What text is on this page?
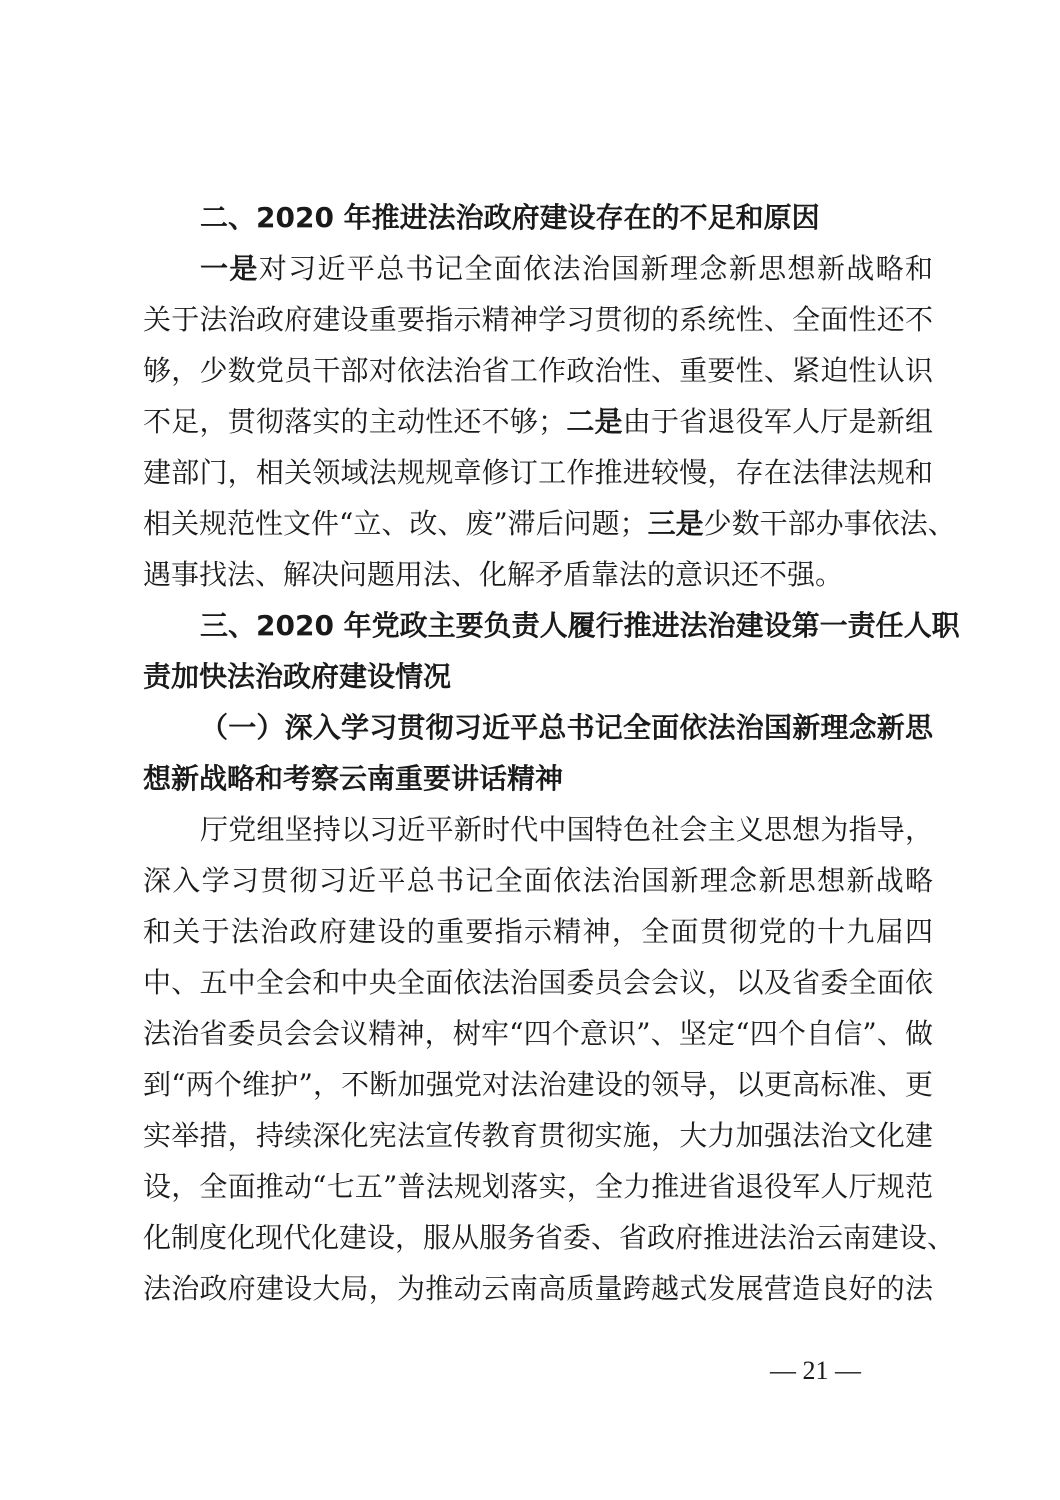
二、2020 年推进法治政府建设存在的不足和原因
一是对习近平总书记全面依法治国新理念新思想新战略和
关于法治政府建设重要指示精神学习贯彻的系统性、全面性还不
够，少数党员干部对依法治省工作政治性、重要性、紧迫性认识
不足，贯彻落实的主动性还不够；二是由于省退役军人厅是新组
建部门，相关领域法规规章修订工作推进较慢，存在法律法规和
相关规范性文件“立、改、废”滞后问题；三是少数干部办事依法、
遇事找法、解决问题用法、化解矛盾靠法的意识还不强。
三、2020 年党政主要负责人履行推进法治建设第一责任人职
责加快法治政府建设情况
（一）深入学习贯彻习近平总书记全面依法治国新理念新思
想新战略和考察云南重要讲话精神
厅党组坚持以习近平新时代中国特色社会主义思想为指导，
深入学习贯彻习近平总书记全面依法治国新理念新思想新战略
和关于法治政府建设的重要指示精神，全面贯彻党的十九届四
中、五中全会和中央全面依法治国委员会会议，以及省委全面依
法治省委员会会议精神，树牢“四个意识”、坚定“四个自信”、做
到“两个维护”，不断加强党对法治建设的领导，以更高标准、更
实举措，持续深化宪法宣传教育贯彻实施，大力加强法治文化建
设，全面推动“七五”普法规划落实，全力推进省退役军人厅规范
化制度化现代化建设，服从服务省委、省政府推进法治云南建设、
法治政府建设大局，为推动云南高质量跨越式发展营造良好的法
— 21 —
